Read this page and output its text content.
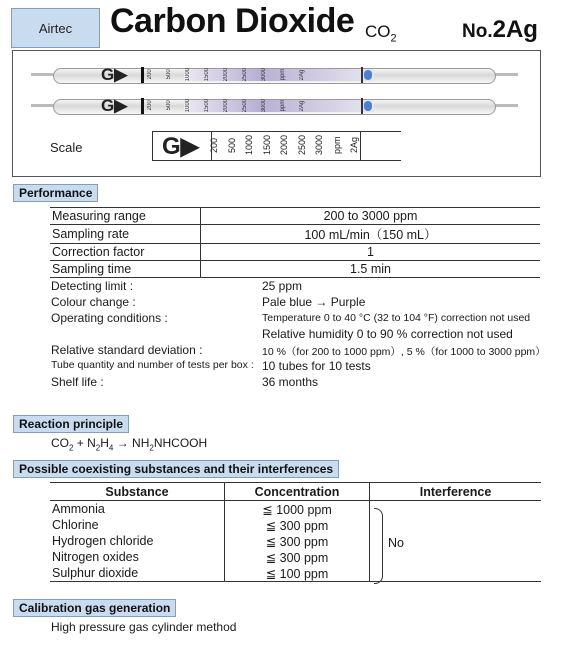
Airtec Carbon Dioxide $CO_2$	No.2Ag
G▶	200	500	1000	1500	2000	2500	3000	ppm	2Ag
G▶	200	500	1000	1500	2000	2500	3000	ppm	2Ag
Scale	G▶ 200 500 1000 1500 2000 2500 3000 ppm 2Ag
Performance
Measuring range	200 to 3000 ppm
Sampling rate	100 mL/min（150 mL）
Correction factor	1
Sampling time	1.5 min
Detecting limit :	25 ppm
Colour change :	Pale blue → Purple
Operating conditions :	Temperature 0 to 40 °C (32 to 104 °F) correction not used
Relative humidity 0 to 90 % correction not used
Relative standard deviation :	10 %（for 200 to 1000 ppm）, 5 %（for 1000 to 3000 ppm）
Tube quantity and number of tests per box : 10 tubes for 10 tests
Shelf life :	36 months
Reaction principle
$CO_2 + N_2H_4$ → $NH_2NHCOOH$
Possible coexisting substances and their interferences
Substance	Concentration	Interference
Ammonia	≦ 1000 ppm	
Chlorine	≦ 300 ppm	
Hydrogen chloride	≦ 300 ppm	
Nitrogen oxides	≦ 300 ppm	
Sulphur dioxide	≦ 100 ppm	
No
Calibration gas generation
High pressure gas cylinder method
